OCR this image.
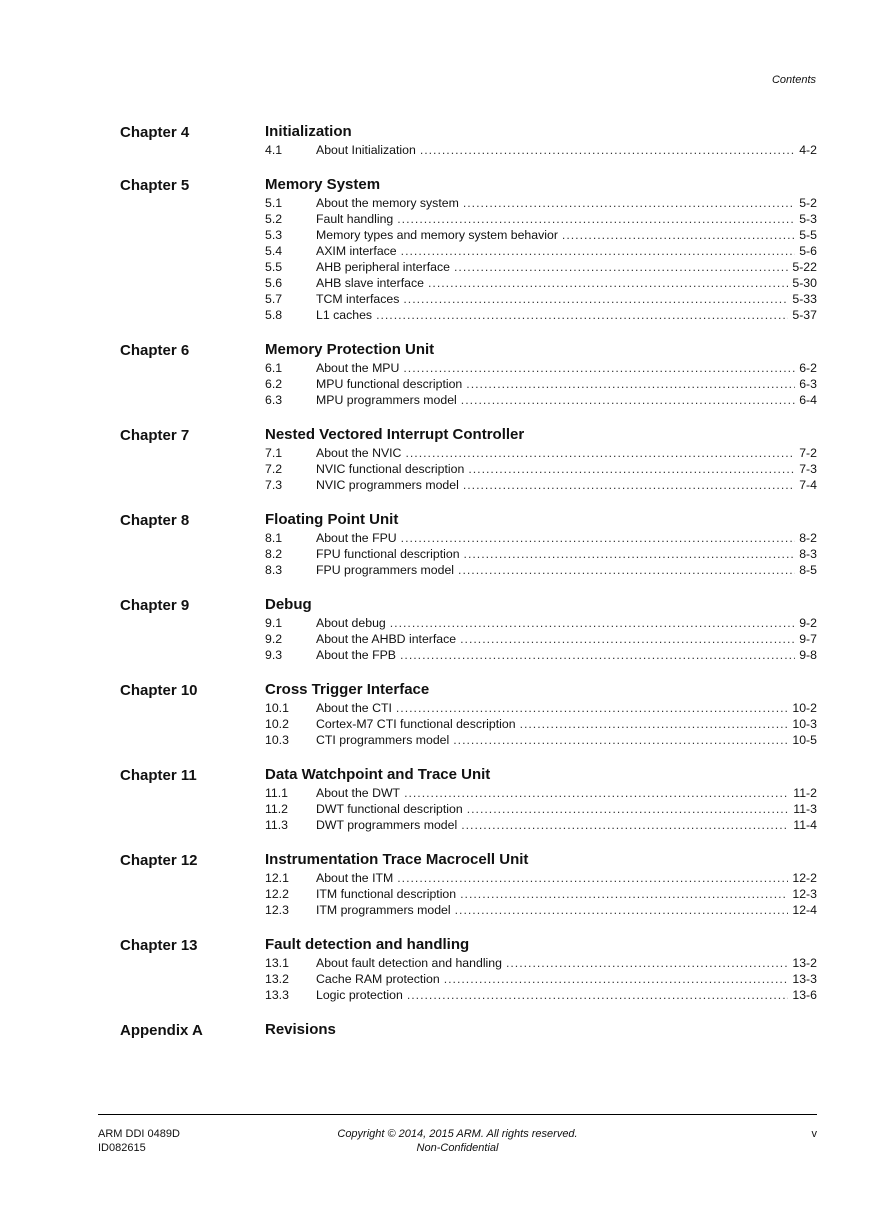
Contents
Chapter 4	Initialization
4.1	About Initialization .....	4-2
Chapter 5	Memory System
5.1	About the memory system .....	5-2
5.2	Fault handling .....	5-3
5.3	Memory types and memory system behavior .....	5-5
5.4	AXIM interface .....	5-6
5.5	AHB peripheral interface .....	5-22
5.6	AHB slave interface .....	5-30
5.7	TCM interfaces .....	5-33
5.8	L1 caches .....	5-37
Chapter 6	Memory Protection Unit
6.1	About the MPU .....	6-2
6.2	MPU functional description .....	6-3
6.3	MPU programmers model .....	6-4
Chapter 7	Nested Vectored Interrupt Controller
7.1	About the NVIC .....	7-2
7.2	NVIC functional description .....	7-3
7.3	NVIC programmers model .....	7-4
Chapter 8	Floating Point Unit
8.1	About the FPU .....	8-2
8.2	FPU functional description .....	8-3
8.3	FPU programmers model .....	8-5
Chapter 9	Debug
9.1	About debug .....	9-2
9.2	About the AHBD interface .....	9-7
9.3	About the FPB .....	9-8
Chapter 10	Cross Trigger Interface
10.1	About the CTI .....	10-2
10.2	Cortex-M7 CTI functional description .....	10-3
10.3	CTI programmers model .....	10-5
Chapter 11	Data Watchpoint and Trace Unit
11.1	About the DWT .....	11-2
11.2	DWT functional description .....	11-3
11.3	DWT programmers model .....	11-4
Chapter 12	Instrumentation Trace Macrocell Unit
12.1	About the ITM .....	12-2
12.2	ITM functional description .....	12-3
12.3	ITM programmers model .....	12-4
Chapter 13	Fault detection and handling
13.1	About fault detection and handling .....	13-2
13.2	Cache RAM protection .....	13-3
13.3	Logic protection .....	13-6
Appendix A	Revisions
ARM DDI 0489D
ID082615
Copyright © 2014, 2015 ARM. All rights reserved.
Non-Confidential
v
